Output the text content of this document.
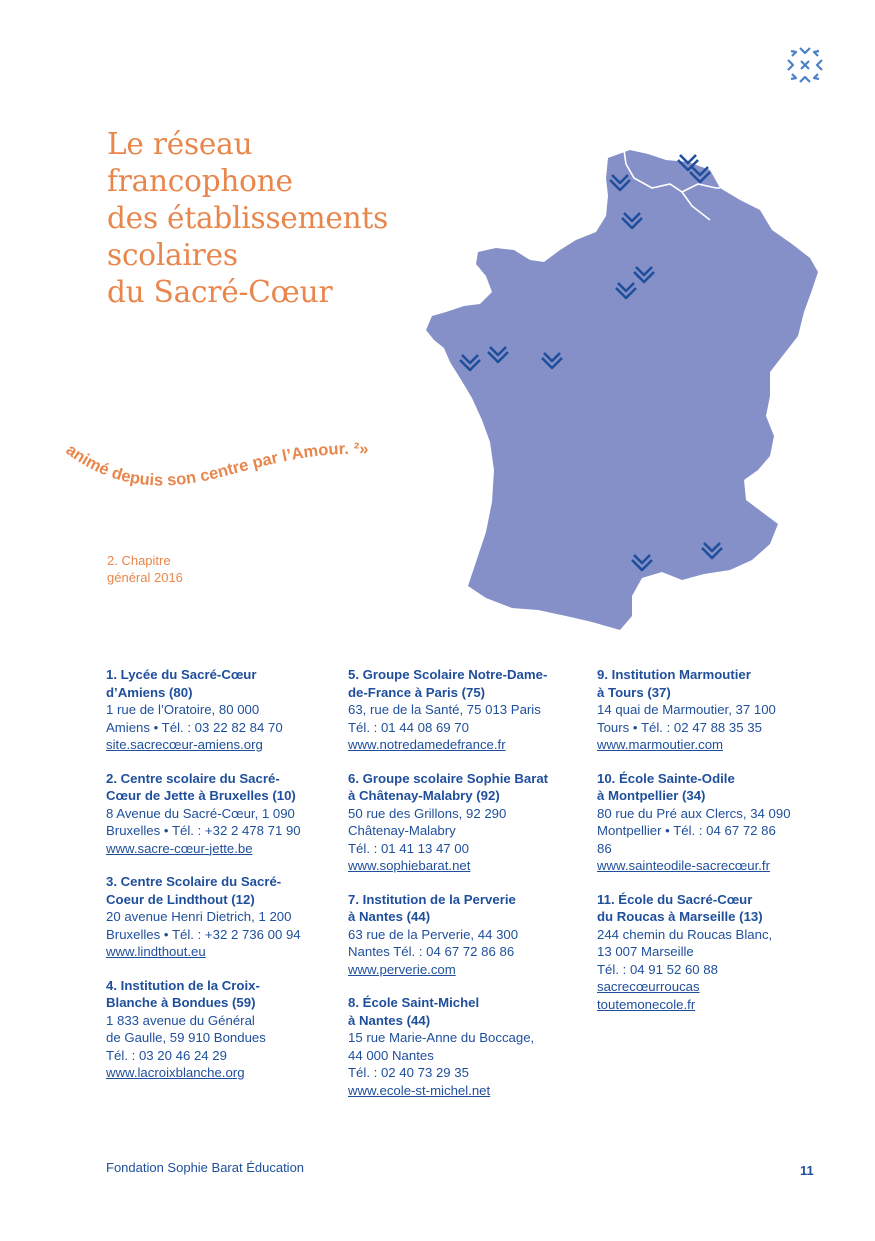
Le réseau
francophone
des établissements
scolaires
du Sacré-Cœur
animé depuis son centre par l’Amour. ²»
2. Chapitre
général 2016
1. Lycée du Sacré-Cœur
d’Amiens (80)
1 rue de l’Oratoire, 80 000
Amiens • Tél. : 03 22 82 84 70
site.sacrecœur-amiens.org
2. Centre scolaire du Sacré-
Cœur de Jette à Bruxelles (10)
8 Avenue du Sacré-Cœur, 1 090
Bruxelles • Tél. : +32 2 478 71 90
www.sacre-cœur-jette.be
3. Centre Scolaire du Sacré-
Coeur de Lindthout (12)
20 avenue Henri Dietrich, 1 200
Bruxelles • Tél. : +32 2 736 00 94
www.lindthout.eu
4. Institution de la Croix-
Blanche à Bondues (59)
1 833 avenue du Général
de Gaulle, 59 910 Bondues
Tél. : 03 20 46 24 29
www.lacroixblanche.org
5. Groupe Scolaire Notre-Dame-
de-France à Paris (75)
63, rue de la Santé, 75 013 Paris
Tél. : 01 44 08 69 70
www.notredamedefrance.fr
6. Groupe scolaire Sophie Barat
à Châtenay-Malabry (92)
50 rue des Grillons, 92 290
Châtenay-Malabry
Tél. : 01 41 13 47 00
www.sophiebarat.net
7. Institution de la Perverie
à Nantes (44)
63 rue de la Perverie, 44 300
Nantes Tél. : 04 67 72 86 86
www.perverie.com
8. École Saint-Michel
à Nantes (44)
15 rue Marie-Anne du Boccage,
44 000 Nantes
Tél. : 02 40 73 29 35
www.ecole-st-michel.net
9. Institution Marmoutier
à Tours (37)
14 quai de Marmoutier, 37 100
Tours • Tél. : 02 47 88 35 35
www.marmoutier.com
10. École Sainte-Odile
à Montpellier (34)
80 rue du Pré aux Clercs, 34 090
Montpellier • Tél. : 04 67 72 86
86
www.sainteodile-sacrecœur.fr
11. École du Sacré-Cœur
du Roucas à Marseille (13)
244 chemin du Roucas Blanc,
13 007 Marseille
Tél. : 04 91 52 60 88
sacrecœurroucas
toutemonecole.fr
Fondation Sophie Barat Éducation	11
